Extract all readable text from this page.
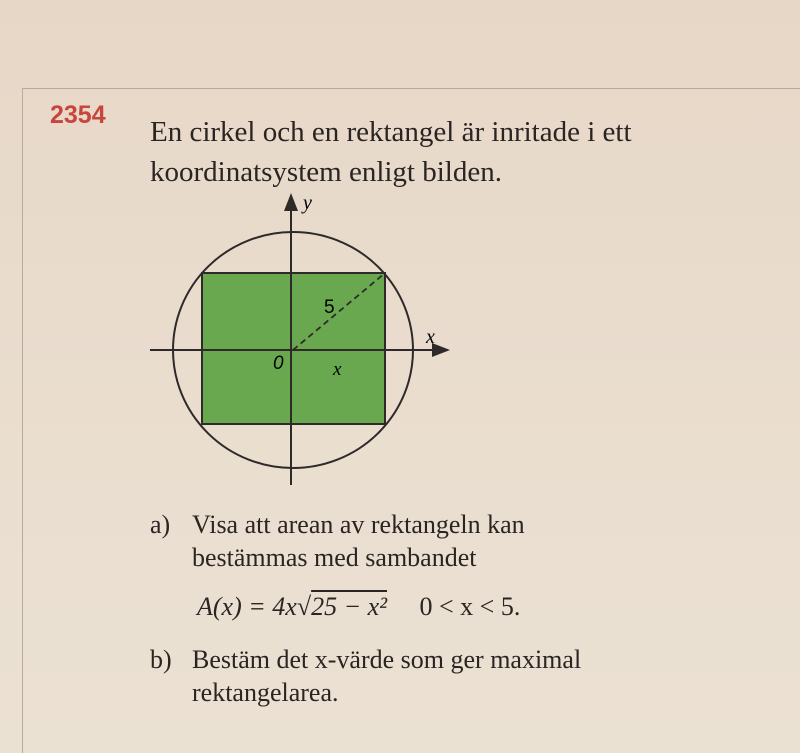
2354

En cirkel och en rektangel är inritade i ett
koordinatsystem enligt bilden.

y
x
0
5
x
a) Visa att arean av rektangeln kan
bestämmas med sambandet

A(x) = 4x√25 − x² 0 < x < 5.

b) Bestäm det x-värde som ger maximal
rektangelarea.
